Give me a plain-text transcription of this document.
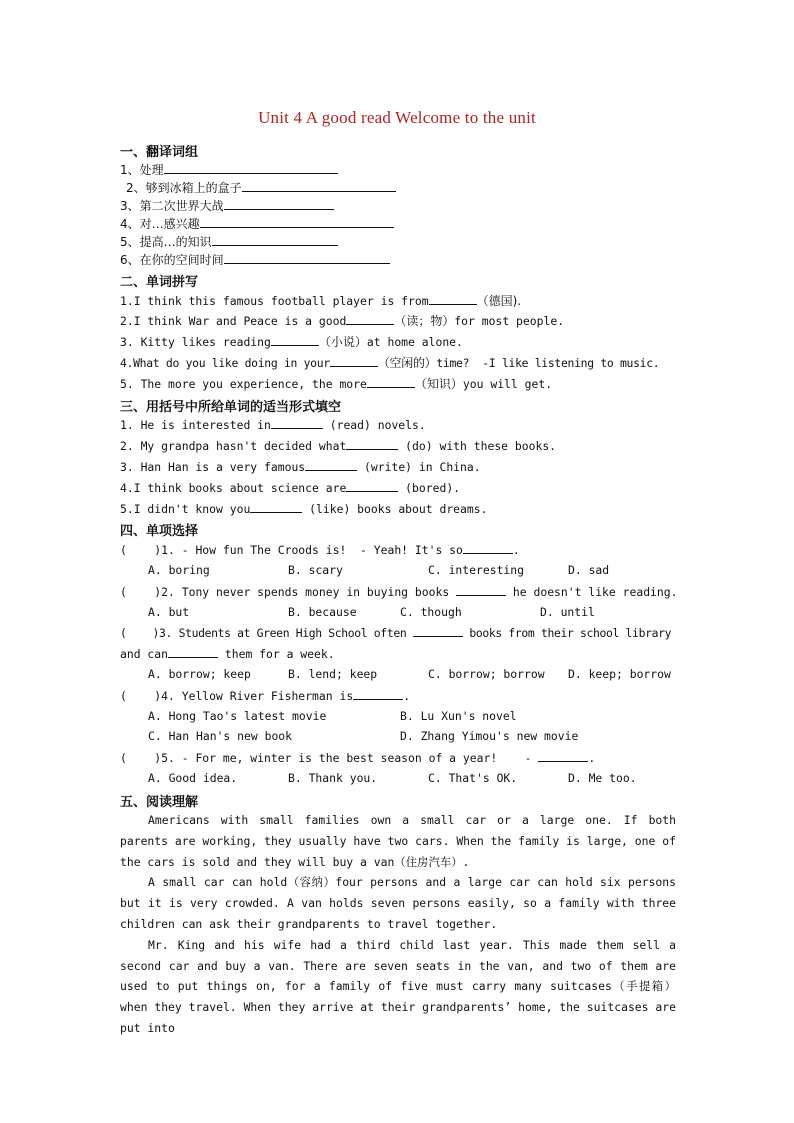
Unit 4 A good read Welcome to the unit
一、翻译词组
1、处理
2、够到冰箱上的盒子
3、第二次世界大战
4、对…感兴趣
5、提高…的知识
6、在你的空间时间
二、单词拼写
1.I think this famous football player is from	（德国).
2.I think War and Peace is a good	（读；物）for most people.
3. Kitty likes reading	（小说）at home alone.
4.What do you like doing in your	（空闲的）time?  -I like listening to music.
5. The more you experience, the more	（知识）you will get.
三、用括号中所给单词的适当形式填空
1. He is interested in	(read) novels.
2. My grandpa hasn't decided what	(do) with these books.
3. Han Han is a very famous	(write) in China.
4.I think books about science are	(bored).
5.I didn't know you	(like) books about dreams.
四、单项选择
(    )1. - How fun The Croods is!  - Yeah! It's so	.
A. boring	B. scary	C. interesting	D. sad
(    )2. Tony never spends money in buying books	he doesn't like reading.
A. but	B. because	C. though	D. until
(    )3. Students at Green High School often	books from their school library
and can	them for a week.
A. borrow; keep	B. lend; keep	C. borrow; borrow D. keep; borrow
(    )4. Yellow River Fisherman is	.
A. Hong Tao's latest movie	B. Lu Xun's novel
C. Han Han's new book	D. Zhang Yimou's new movie
(    )5. - For me, winter is the best season of a year!    -	.
A. Good idea.	B. Thank you.	C. That's OK.	D. Me too.
五、阅读理解

Americans with small families own a small car or a large one. If both parents are working, they usually have two cars. When the family is large, one of the cars is sold and they will buy a van（住房汽车）.

A small car can hold（容纳）four persons and a large car can hold six persons but it is very crowded. A van holds seven persons easily, so a family with three children can ask their grandparents to travel together.

Mr. King and his wife had a third child last year. This made them sell a second car and buy a van. There are seven seats in the van, and two of them are used to put things on, for a family of five must carry many suitcases（手提箱）when they travel. When they arrive at their grandparents’ home, the suitcases are put into
